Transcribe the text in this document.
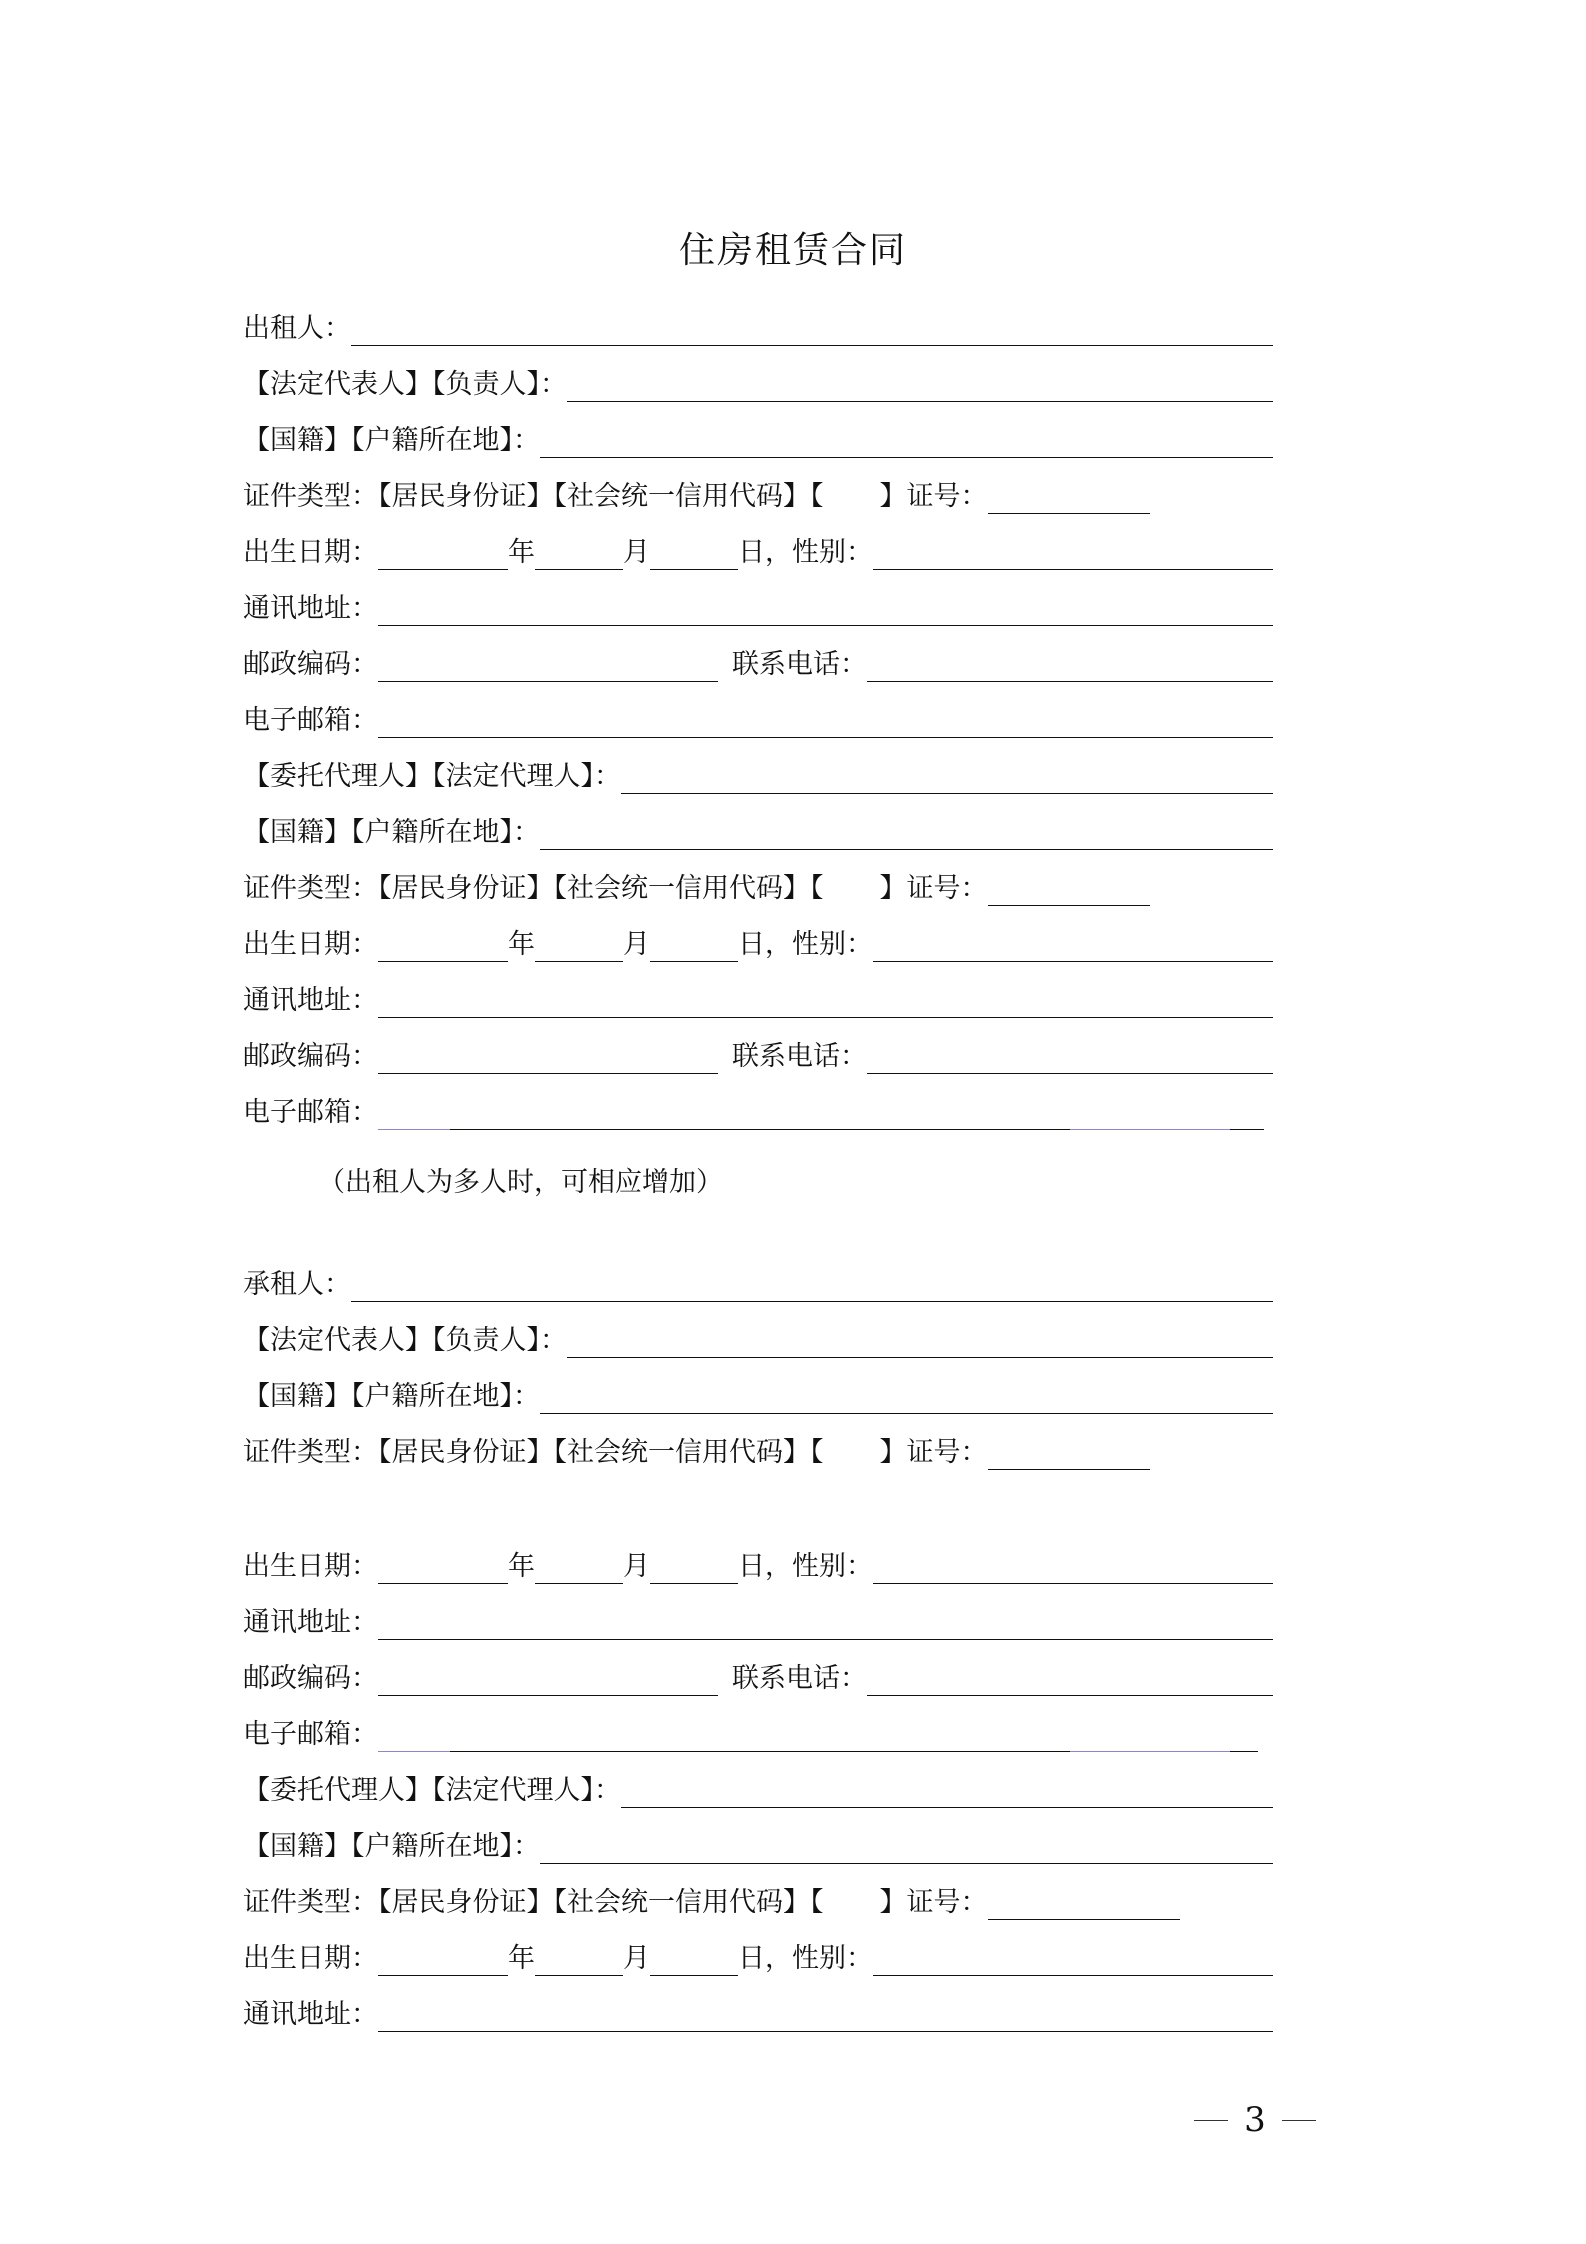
住房租赁合同
出租人：
【法定代表人】【负责人】：
【国籍】【户籍所在地】：
证件类型：【居民身份证】【社会统一信用代码】【 】证号：
出生日期：	年	月	日，性别：
通讯地址：
邮政编码：	联系电话：
电子邮箱：
【委托代理人】【法定代理人】：
【国籍】【户籍所在地】：
证件类型：【居民身份证】【社会统一信用代码】【 】证号：
出生日期：	年	月	日，性别：
通讯地址：
邮政编码：	联系电话：
电子邮箱：
（出租人为多人时，可相应增加）
承租人：
【法定代表人】【负责人】：
【国籍】【户籍所在地】：
证件类型：【居民身份证】【社会统一信用代码】【 】证号：
出生日期：	年	月	日，性别：
通讯地址：
邮政编码：	联系电话：
电子邮箱：
【委托代理人】【法定代理人】：
【国籍】【户籍所在地】：
证件类型：【居民身份证】【社会统一信用代码】【 】证号：
出生日期：	年	月	日，性别：
通讯地址：
3
